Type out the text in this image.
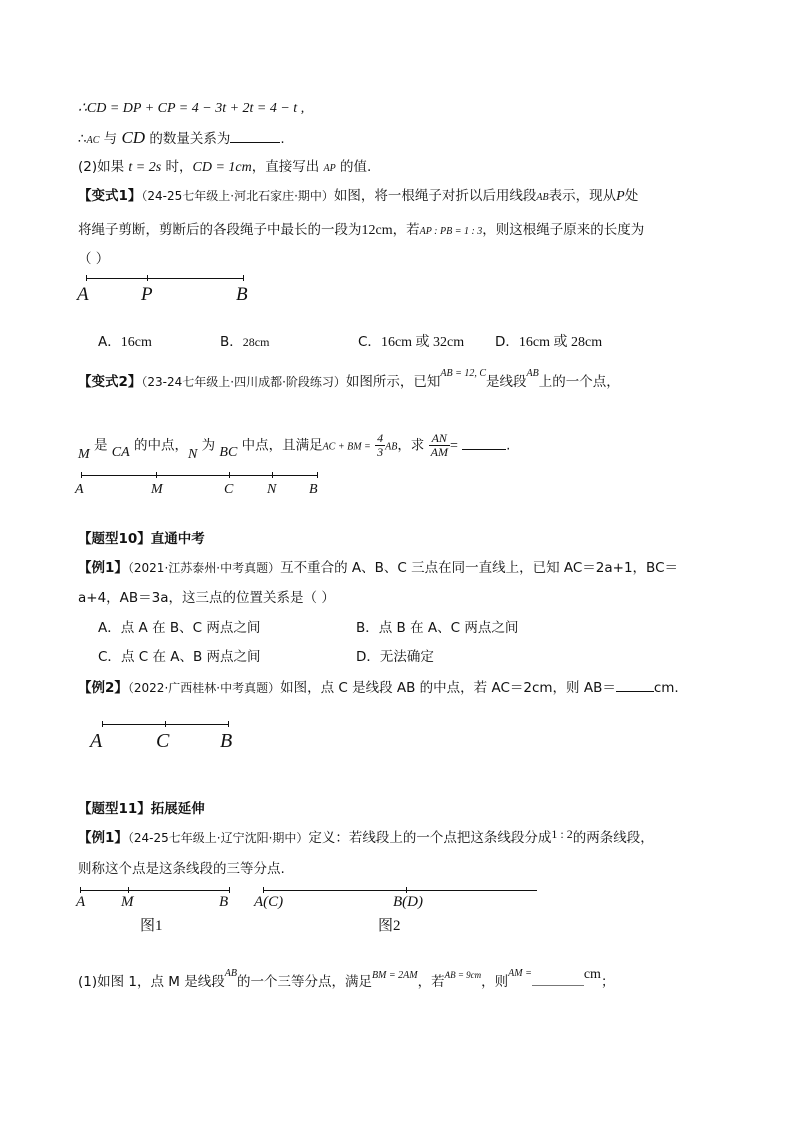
∴CD = DP + CP = 4 − 3t + 2t = 4 − t ,
∴AC 与 CD 的数量关系为	.
(2)如果 t = 2s 时，CD = 1cm，直接写出 AP 的值.
【变式1】（24-25七年级上·河北石家庄·期中）如图，将一根绳子对折以后用线段AB表示，现从P处
将绳子剪断，剪断后的各段绳子中最长的一段为12cm，若AP : PB = 1 : 3，则这根绳子原来的长度为
（ ）
A	P	B
A．16cm	B．28cm	C．16cm 或 32cm	D．16cm 或 28cm
【变式2】（23-24七年级上·四川成都·阶段练习）如图所示，已知$^{AB = 12, C}$是线段$^{AB}$上的一个点，
M 是 CA 的中点，N 为 BC 中点，且满足AC + BM = $\frac{4}{3}$ AB，求 $\frac{AN}{AM}$ =	.
A	M	C N B
【题型10】直通中考
【例1】（2021·江苏泰州·中考真题）互不重合的 A、B、C 三点在同一直线上，已知 AC＝2a+1，BC＝
a+4，AB＝3a，这三点的位置关系是（ ）
A．点 A 在 B、C 两点之间	B．点 B 在 A、C 两点之间
C．点 C 在 A、B 两点之间	D．无法确定
【例2】（2022·广西桂林·中考真题）如图，点 C 是线段 AB 的中点，若 AC＝2cm，则 AB＝	cm.
A	C	B
【题型11】拓展延伸
【例1】（24-25七年级上·辽宁沈阳·期中）定义：若线段上的一个点把这条线段分成1 : 2的两条线段，
则称这个点是这条线段的三等分点.
A M	B
图1
A(C)	B(D)
图2
(1)如图 1，点 M 是线段$^{AB}$的一个三等分点，满足$^{BM = 2AM}$，若$^{AB = 9cm}$，则$^{AM =}$	cm；
